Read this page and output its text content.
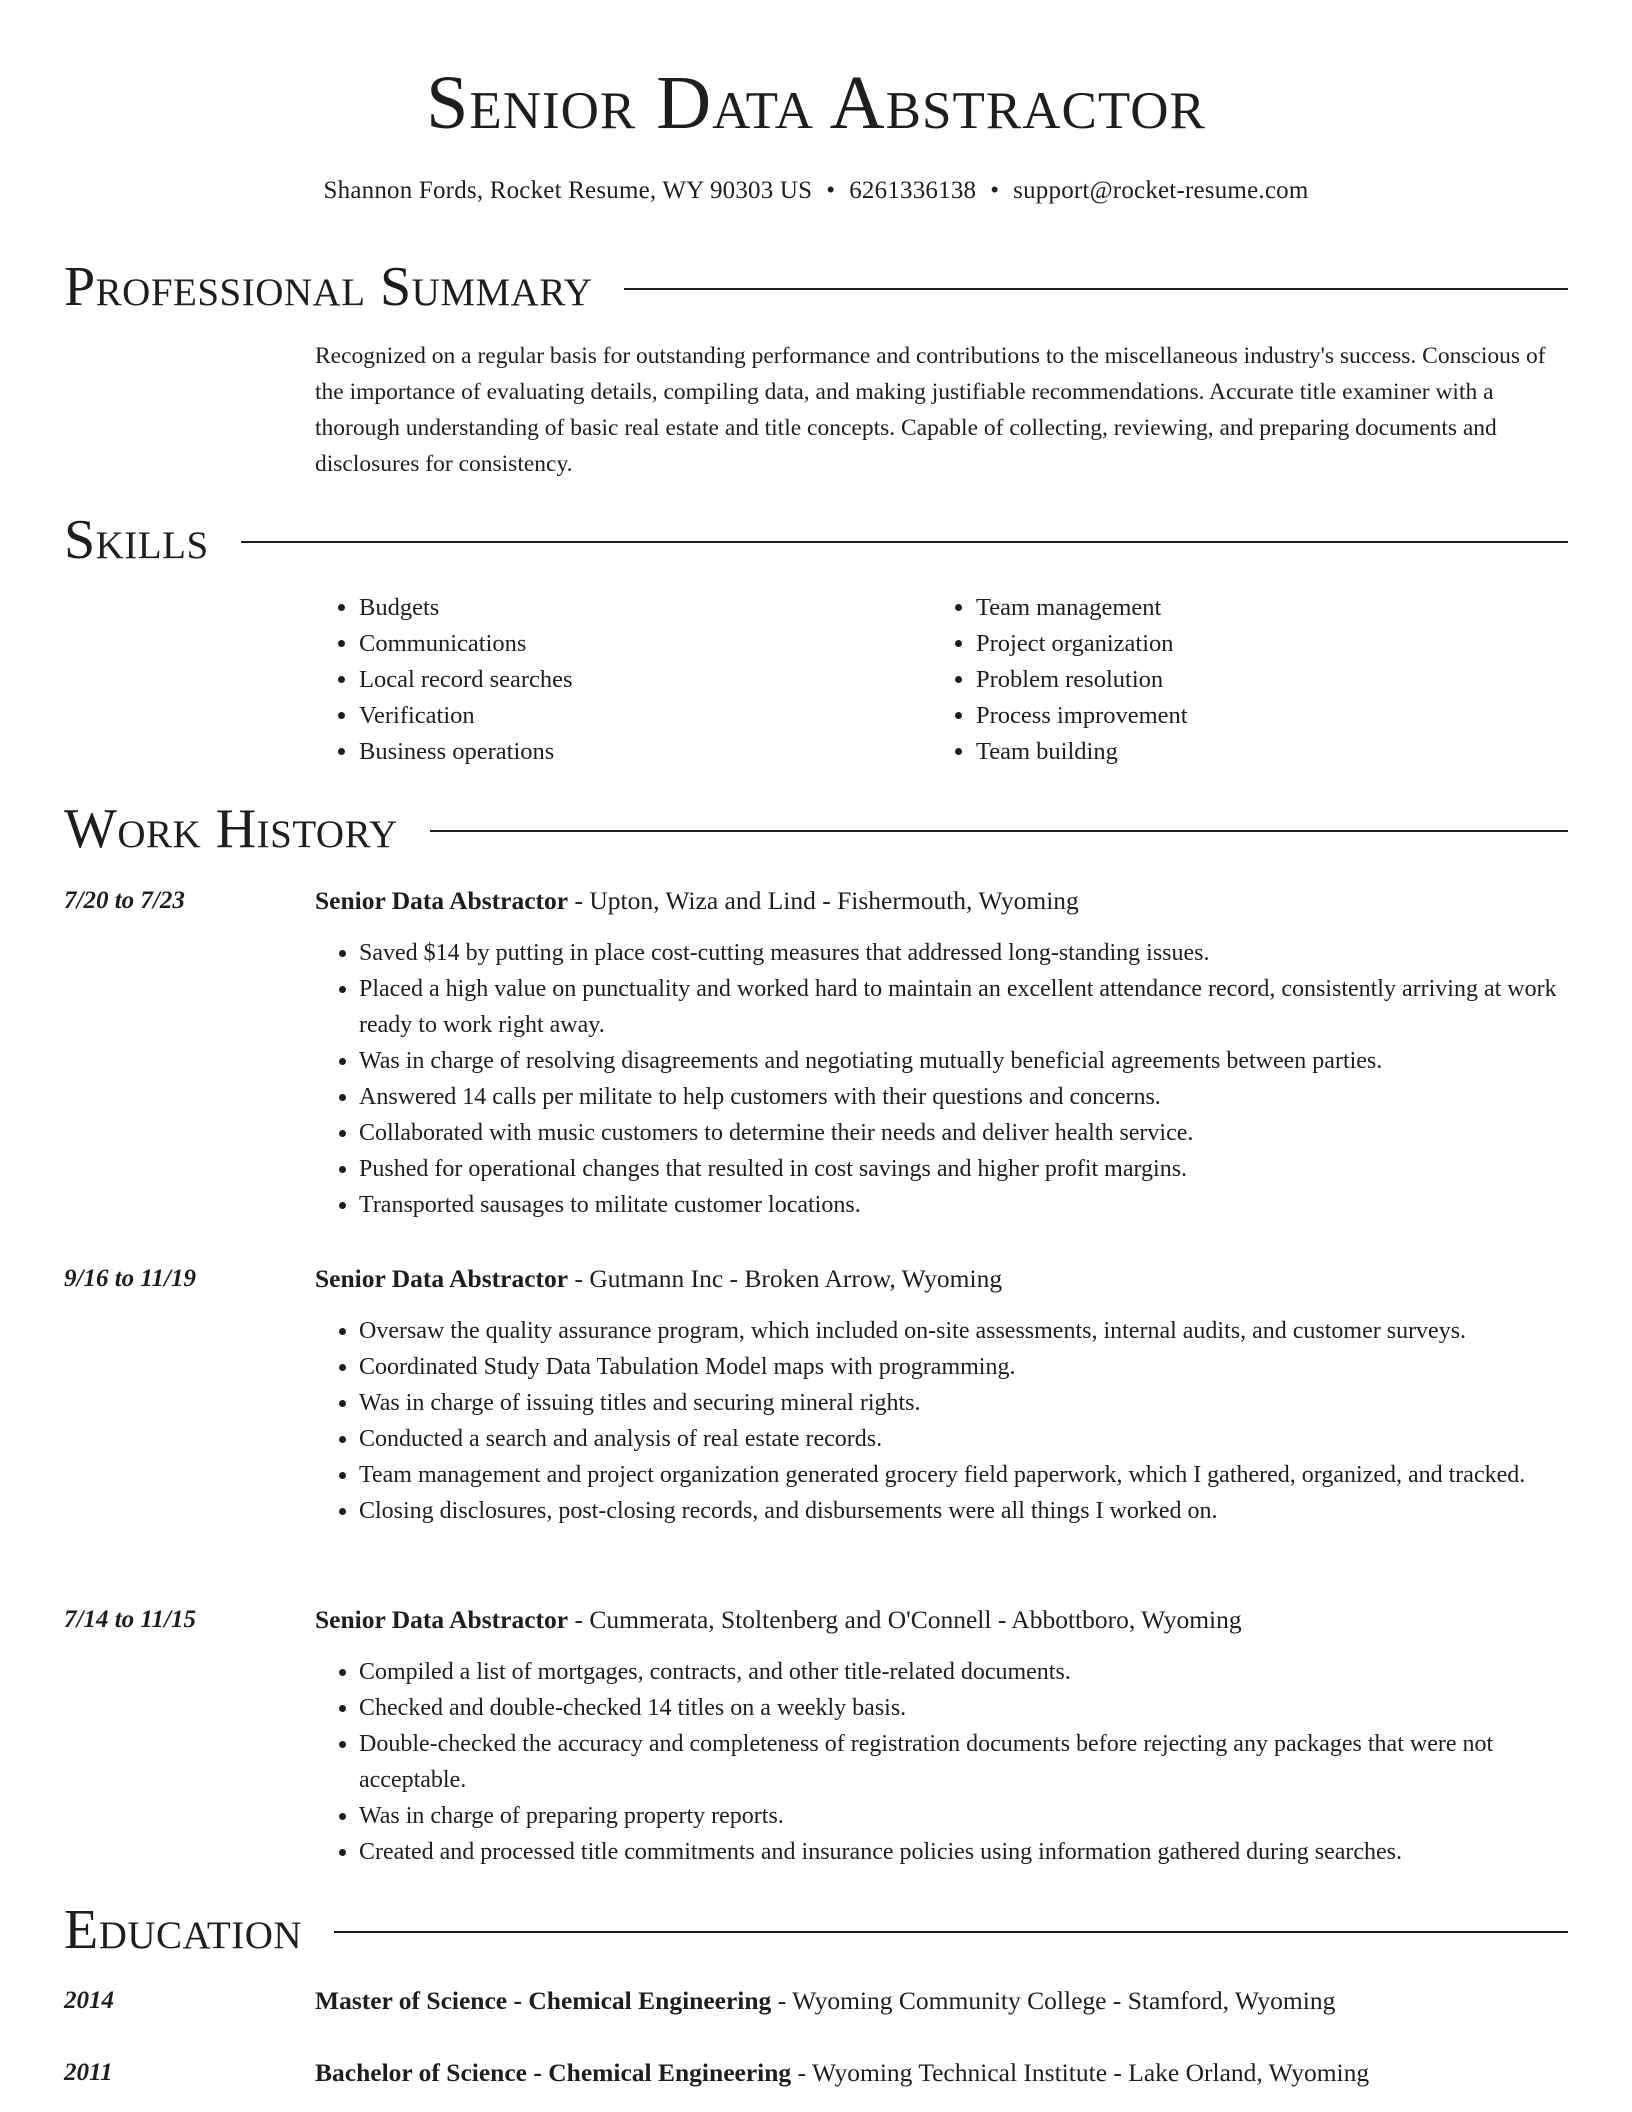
Senior Data Abstractor
Shannon Fords, Rocket Resume, WY 90303 US • 6261336138 • support@rocket-resume.com
Professional Summary

Recognized on a regular basis for outstanding performance and contributions to the miscellaneous industry's success. Conscious of the importance of evaluating details, compiling data, and making justifiable recommendations. Accurate title examiner with a thorough understanding of basic real estate and title concepts. Capable of collecting, reviewing, and preparing documents and disclosures for consistency.

Skills
• Budgets
• Communications
• Local record searches
• Verification
• Business operations
• Team management
• Project organization
• Problem resolution
• Process improvement
• Team building
Work History
7/20 to 7/23	Senior Data Abstractor - Upton, Wiza and Lind - Fishermouth, Wyoming
• Saved $14 by putting in place cost-cutting measures that addressed long-standing issues.
• Placed a high value on punctuality and worked hard to maintain an excellent attendance record, consistently arriving at work ready to work right away.
• Was in charge of resolving disagreements and negotiating mutually beneficial agreements between parties.
• Answered 14 calls per militate to help customers with their questions and concerns.
• Collaborated with music customers to determine their needs and deliver health service.
• Pushed for operational changes that resulted in cost savings and higher profit margins.
• Transported sausages to militate customer locations.
9/16 to 11/19	Senior Data Abstractor - Gutmann Inc - Broken Arrow, Wyoming
• Oversaw the quality assurance program, which included on-site assessments, internal audits, and customer surveys.
• Coordinated Study Data Tabulation Model maps with programming.
• Was in charge of issuing titles and securing mineral rights.
• Conducted a search and analysis of real estate records.
• Team management and project organization generated grocery field paperwork, which I gathered, organized, and tracked.
• Closing disclosures, post-closing records, and disbursements were all things I worked on.
7/14 to 11/15	Senior Data Abstractor - Cummerata, Stoltenberg and O'Connell - Abbottboro, Wyoming
• Compiled a list of mortgages, contracts, and other title-related documents.
• Checked and double-checked 14 titles on a weekly basis.
• Double-checked the accuracy and completeness of registration documents before rejecting any packages that were not acceptable.
• Was in charge of preparing property reports.
• Created and processed title commitments and insurance policies using information gathered during searches.
Education
2014	Master of Science - Chemical Engineering - Wyoming Community College - Stamford, Wyoming
2011	Bachelor of Science - Chemical Engineering - Wyoming Technical Institute - Lake Orland, Wyoming
